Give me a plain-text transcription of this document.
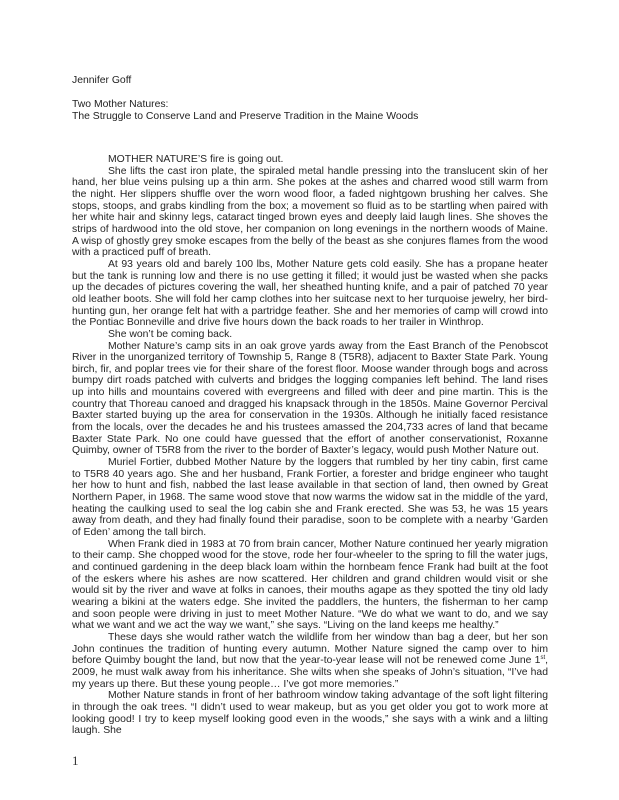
Jennifer Goff

Two Mother Natures:

The Struggle to Conserve Land and Preserve Tradition in the Maine Woods

MOTHER NATURE’S fire is going out.

She lifts the cast iron plate, the spiraled metal handle pressing into the translucent skin of her hand, her blue veins pulsing up a thin arm. She pokes at the ashes and charred wood still warm from the night. Her slippers shuffle over the worn wood floor, a faded nightgown brushing her calves. She stops, stoops, and grabs kindling from the box; a movement so fluid as to be startling when paired with her white hair and skinny legs, cataract tinged brown eyes and deeply laid laugh lines. She shoves the strips of hardwood into the old stove, her companion on long evenings in the northern woods of Maine. A wisp of ghostly grey smoke escapes from the belly of the beast as she conjures flames from the wood with a practiced puff of breath.

At 93 years old and barely 100 lbs, Mother Nature gets cold easily. She has a propane heater but the tank is running low and there is no use getting it filled; it would just be wasted when she packs up the decades of pictures covering the wall, her sheathed hunting knife, and a pair of patched 70 year old leather boots. She will fold her camp clothes into her suitcase next to her turquoise jewelry, her bird-hunting gun, her orange felt hat with a partridge feather. She and her memories of camp will crowd into the Pontiac Bonneville and drive five hours down the back roads to her trailer in Winthrop.

She won’t be coming back.

Mother Nature’s camp sits in an oak grove yards away from the East Branch of the Penobscot River in the unorganized territory of Township 5, Range 8 (T5R8), adjacent to Baxter State Park. Young birch, fir, and poplar trees vie for their share of the forest floor. Moose wander through bogs and across bumpy dirt roads patched with culverts and bridges the logging companies left behind. The land rises up into hills and mountains covered with evergreens and filled with deer and pine martin. This is the country that Thoreau canoed and dragged his knapsack through in the 1850s. Maine Governor Percival Baxter started buying up the area for conservation in the 1930s. Although he initially faced resistance from the locals, over the decades he and his trustees amassed the 204,733 acres of land that became Baxter State Park. No one could have guessed that the effort of another conservationist, Roxanne Quimby, owner of T5R8 from the river to the border of Baxter’s legacy, would push Mother Nature out.

Muriel Fortier, dubbed Mother Nature by the loggers that rumbled by her tiny cabin, first came to T5R8 40 years ago. She and her husband, Frank Fortier, a forester and bridge engineer who taught her how to hunt and fish, nabbed the last lease available in that section of land, then owned by Great Northern Paper, in 1968. The same wood stove that now warms the widow sat in the middle of the yard, heating the caulking used to seal the log cabin she and Frank erected. She was 53, he was 15 years away from death, and they had finally found their paradise, soon to be complete with a nearby ‘Garden of Eden’ among the tall birch.

When Frank died in 1983 at 70 from brain cancer, Mother Nature continued her yearly migration to their camp. She chopped wood for the stove, rode her four-wheeler to the spring to fill the water jugs, and continued gardening in the deep black loam within the hornbeam fence Frank had built at the foot of the eskers where his ashes are now scattered. Her children and grand children would visit or she would sit by the river and wave at folks in canoes, their mouths agape as they spotted the tiny old lady wearing a bikini at the waters edge. She invited the paddlers, the hunters, the fisherman to her camp and soon people were driving in just to meet Mother Nature. “We do what we want to do, and we say what we want and we act the way we want,” she says. “Living on the land keeps me healthy.”

These days she would rather watch the wildlife from her window than bag a deer, but her son John continues the tradition of hunting every autumn. Mother Nature signed the camp over to him before Quimby bought the land, but now that the year-to-year lease will not be renewed come June 1st, 2009, he must walk away from his inheritance. She wilts when she speaks of John’s situation, “I’ve had my years up there. But these young people… I’ve got more memories.”

Mother Nature stands in front of her bathroom window taking advantage of the soft light filtering in through the oak trees. “I didn’t used to wear makeup, but as you get older you got to work more at looking good! I try to keep myself looking good even in the woods,” she says with a wink and a lilting laugh. She

1
